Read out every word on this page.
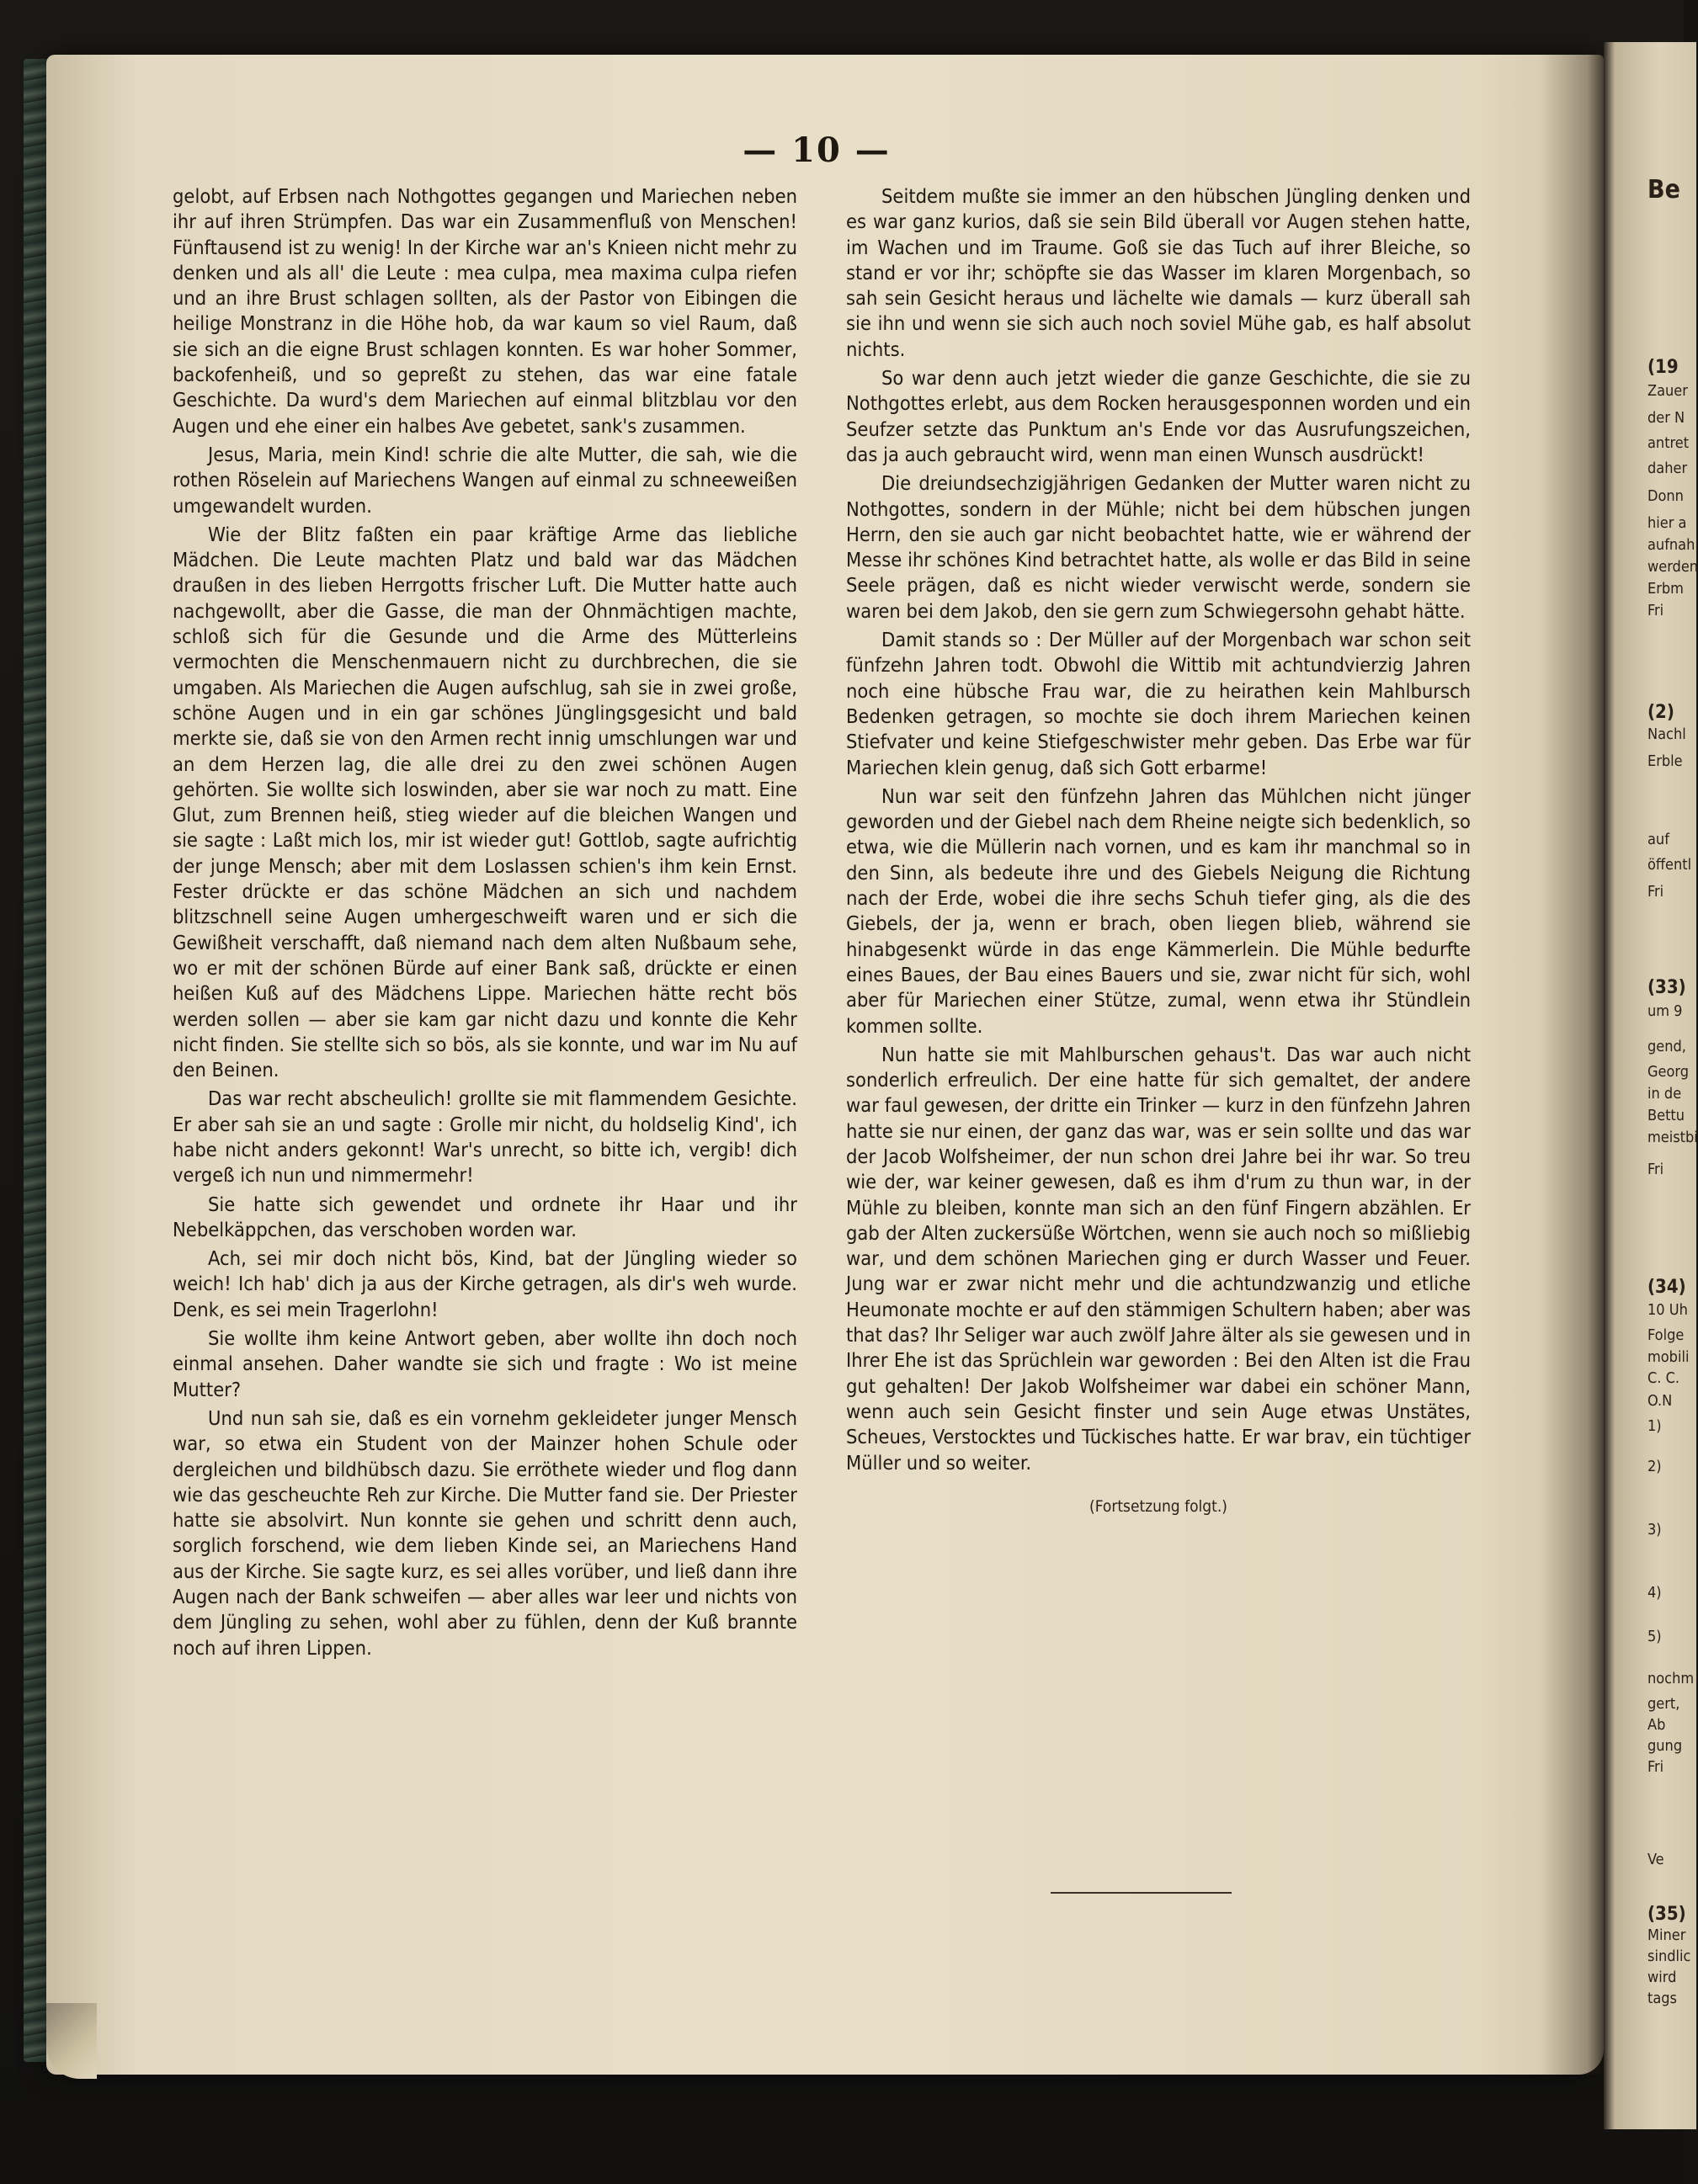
Be
(19
Zauer
der N
antret
daher
Donn
hier a
aufnah
werden
Erbm
Fri
(2)
Nachl
Erble
auf
öffentl
Fri
(33)
um 9
gend,
Georg
in de
Bettu
meistbi
Fri
(34)
10 Uh
Folge
mobili
C. C.
O.N
1)
2)
3)
4)
5)
nochm
gert,
Ab
gung
Fri
Ve
(35)
Miner
sindlic
wird
tags
— 10 —

gelobt, auf Erbsen nach Nothgottes gegangen und Mariechen neben ihr auf ihren Strümpfen. Das war ein Zusammenfluß von Menschen! Fünftausend ist zu wenig! In der Kirche war an's Knieen nicht mehr zu denken und als all' die Leute : mea culpa, mea maxima culpa riefen und an ihre Brust schlagen sollten, als der Pastor von Eibingen die heilige Monstranz in die Höhe hob, da war kaum so viel Raum, daß sie sich an die eigne Brust schlagen konnten. Es war hoher Sommer, backofenheiß, und so gepreßt zu stehen, das war eine fatale Geschichte. Da wurd's dem Mariechen auf einmal blitzblau vor den Augen und ehe einer ein halbes Ave gebetet, sank's zusammen.

Jesus, Maria, mein Kind! schrie die alte Mutter, die sah, wie die rothen Röselein auf Mariechens Wangen auf einmal zu schneeweißen umgewandelt wurden.

Wie der Blitz faßten ein paar kräftige Arme das liebliche Mädchen. Die Leute machten Platz und bald war das Mädchen draußen in des lieben Herrgotts frischer Luft. Die Mutter hatte auch nachgewollt, aber die Gasse, die man der Ohnmächtigen machte, schloß sich für die Gesunde und die Arme des Mütterleins vermochten die Menschenmauern nicht zu durchbrechen, die sie umgaben. Als Mariechen die Augen aufschlug, sah sie in zwei große, schöne Augen und in ein gar schönes Jünglingsgesicht und bald merkte sie, daß sie von den Armen recht innig umschlungen war und an dem Herzen lag, die alle drei zu den zwei schönen Augen gehörten. Sie wollte sich loswinden, aber sie war noch zu matt. Eine Glut, zum Brennen heiß, stieg wieder auf die bleichen Wangen und sie sagte : Laßt mich los, mir ist wieder gut! Gottlob, sagte aufrichtig der junge Mensch; aber mit dem Loslassen schien's ihm kein Ernst. Fester drückte er das schöne Mädchen an sich und nachdem blitzschnell seine Augen umhergeschweift waren und er sich die Gewißheit verschafft, daß niemand nach dem alten Nußbaum sehe, wo er mit der schönen Bürde auf einer Bank saß, drückte er einen heißen Kuß auf des Mädchens Lippe. Mariechen hätte recht bös werden sollen — aber sie kam gar nicht dazu und konnte die Kehr nicht finden. Sie stellte sich so bös, als sie konnte, und war im Nu auf den Beinen.

Das war recht abscheulich! grollte sie mit flammendem Gesichte. Er aber sah sie an und sagte : Grolle mir nicht, du holdselig Kind', ich habe nicht anders gekonnt! War's unrecht, so bitte ich, vergib! dich vergeß ich nun und nimmermehr!

Sie hatte sich gewendet und ordnete ihr Haar und ihr Nebelkäppchen, das verschoben worden war.

Ach, sei mir doch nicht bös, Kind, bat der Jüngling wieder so weich! Ich hab' dich ja aus der Kirche getragen, als dir's weh wurde. Denk, es sei mein Tragerlohn!

Sie wollte ihm keine Antwort geben, aber wollte ihn doch noch einmal ansehen. Daher wandte sie sich und fragte : Wo ist meine Mutter?

Und nun sah sie, daß es ein vornehm gekleideter junger Mensch war, so etwa ein Student von der Mainzer hohen Schule oder dergleichen und bildhübsch dazu. Sie erröthete wieder und flog dann wie das gescheuchte Reh zur Kirche. Die Mutter fand sie. Der Priester hatte sie absolvirt. Nun konnte sie gehen und schritt denn auch, sorglich forschend, wie dem lieben Kinde sei, an Mariechens Hand aus der Kirche. Sie sagte kurz, es sei alles vorüber, und ließ dann ihre Augen nach der Bank schweifen — aber alles war leer und nichts von dem Jüngling zu sehen, wohl aber zu fühlen, denn der Kuß brannte noch auf ihren Lippen.

Seitdem mußte sie immer an den hübschen Jüngling denken und es war ganz kurios, daß sie sein Bild überall vor Augen stehen hatte, im Wachen und im Traume. Goß sie das Tuch auf ihrer Bleiche, so stand er vor ihr; schöpfte sie das Wasser im klaren Morgenbach, so sah sein Gesicht heraus und lächelte wie damals — kurz überall sah sie ihn und wenn sie sich auch noch soviel Mühe gab, es half absolut nichts.

So war denn auch jetzt wieder die ganze Geschichte, die sie zu Nothgottes erlebt, aus dem Rocken herausgesponnen worden und ein Seufzer setzte das Punktum an's Ende vor das Ausrufungszeichen, das ja auch gebraucht wird, wenn man einen Wunsch ausdrückt!

Die dreiundsechzigjährigen Gedanken der Mutter waren nicht zu Nothgottes, sondern in der Mühle; nicht bei dem hübschen jungen Herrn, den sie auch gar nicht beobachtet hatte, wie er während der Messe ihr schönes Kind betrachtet hatte, als wolle er das Bild in seine Seele prägen, daß es nicht wieder verwischt werde, sondern sie waren bei dem Jakob, den sie gern zum Schwiegersohn gehabt hätte.

Damit stands so : Der Müller auf der Morgenbach war schon seit fünfzehn Jahren todt. Obwohl die Wittib mit achtundvierzig Jahren noch eine hübsche Frau war, die zu heirathen kein Mahlbursch Bedenken getragen, so mochte sie doch ihrem Mariechen keinen Stiefvater und keine Stiefgeschwister mehr geben. Das Erbe war für Mariechen klein genug, daß sich Gott erbarme!

Nun war seit den fünfzehn Jahren das Mühlchen nicht jünger geworden und der Giebel nach dem Rheine neigte sich bedenklich, so etwa, wie die Müllerin nach vornen, und es kam ihr manchmal so in den Sinn, als bedeute ihre und des Giebels Neigung die Richtung nach der Erde, wobei die ihre sechs Schuh tiefer ging, als die des Giebels, der ja, wenn er brach, oben liegen blieb, während sie hinabgesenkt würde in das enge Kämmerlein. Die Mühle bedurfte eines Baues, der Bau eines Bauers und sie, zwar nicht für sich, wohl aber für Mariechen einer Stütze, zumal, wenn etwa ihr Stündlein kommen sollte.

Nun hatte sie mit Mahlburschen gehaus't. Das war auch nicht sonderlich erfreulich. Der eine hatte für sich gemaltet, der andere war faul gewesen, der dritte ein Trinker — kurz in den fünfzehn Jahren hatte sie nur einen, der ganz das war, was er sein sollte und das war der Jacob Wolfsheimer, der nun schon drei Jahre bei ihr war. So treu wie der, war keiner gewesen, daß es ihm d'rum zu thun war, in der Mühle zu bleiben, konnte man sich an den fünf Fingern abzählen. Er gab der Alten zuckersüße Wörtchen, wenn sie auch noch so mißliebig war, und dem schönen Mariechen ging er durch Wasser und Feuer. Jung war er zwar nicht mehr und die achtundzwanzig und etliche Heumonate mochte er auf den stämmigen Schultern haben; aber was that das? Ihr Seliger war auch zwölf Jahre älter als sie gewesen und in Ihrer Ehe ist das Sprüchlein war geworden : Bei den Alten ist die Frau gut gehalten! Der Jakob Wolfsheimer war dabei ein schöner Mann, wenn auch sein Gesicht finster und sein Auge etwas Unstätes, Scheues, Verstocktes und Tückisches hatte. Er war brav, ein tüchtiger Müller und so weiter.

(Fortsetzung folgt.)
